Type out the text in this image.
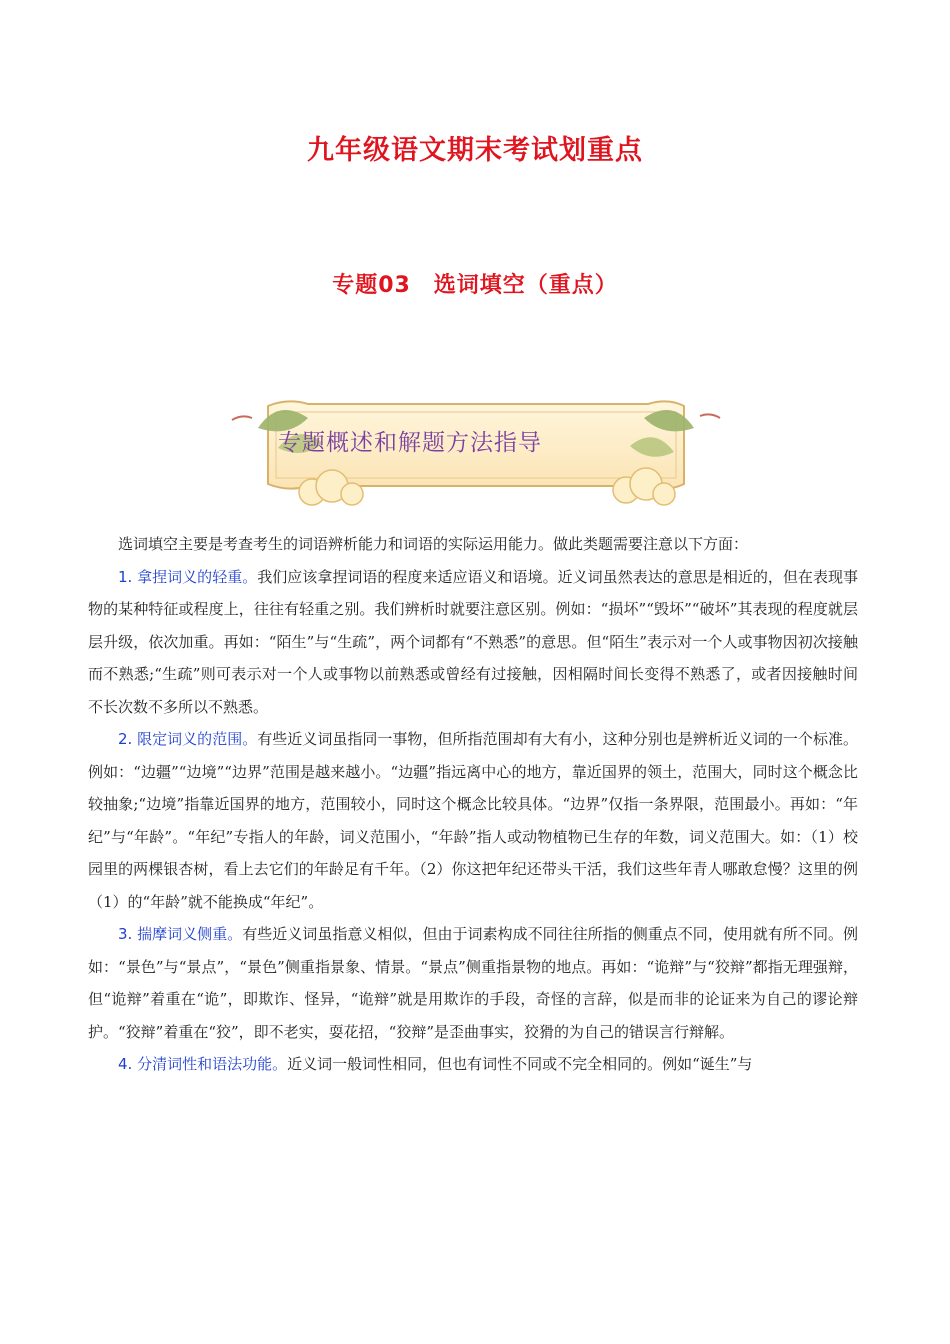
九年级语文期末考试划重点
专题03　选词填空（重点）
专题概述和解题方法指导

选词填空主要是考查考生的词语辨析能力和词语的实际运用能力。做此类题需要注意以下方面：

1. 拿捏词义的轻重。我们应该拿捏词语的程度来适应语义和语境。近义词虽然表达的意思是相近的，但在表现事物的某种特征或程度上，往往有轻重之别。我们辨析时就要注意区别。例如：“损坏”“毁坏”“破坏”其表现的程度就层层升级，依次加重。再如：“陌生”与“生疏”，两个词都有“不熟悉”的意思。但“陌生”表示对一个人或事物因初次接触而不熟悉;“生疏”则可表示对一个人或事物以前熟悉或曾经有过接触，因相隔时间长变得不熟悉了，或者因接触时间不长次数不多所以不熟悉。

2. 限定词义的范围。有些近义词虽指同一事物，但所指范围却有大有小，这种分别也是辨析近义词的一个标准。例如：“边疆”“边境”“边界”范围是越来越小。“边疆”指远离中心的地方，靠近国界的领土，范围大，同时这个概念比较抽象;“边境”指靠近国界的地方，范围较小，同时这个概念比较具体。“边界”仅指一条界限，范围最小。再如：“年纪”与“年龄”。“年纪”专指人的年龄，词义范围小，“年龄”指人或动物植物已生存的年数，词义范围大。如：（1）校园里的两棵银杏树，看上去它们的年龄足有千年。（2）你这把年纪还带头干活，我们这些年青人哪敢怠慢？这里的例（1）的“年龄”就不能换成“年纪”。

3. 揣摩词义侧重。有些近义词虽指意义相似，但由于词素构成不同往往所指的侧重点不同，使用就有所不同。例如：“景色”与“景点”，“景色”侧重指景象、情景。“景点”侧重指景物的地点。再如：“诡辩”与“狡辩”都指无理强辩，但“诡辩”着重在“诡”，即欺诈、怪异，“诡辩”就是用欺诈的手段，奇怪的言辞，似是而非的论证来为自己的谬论辩护。“狡辩”着重在“狡”，即不老实，耍花招，“狡辩”是歪曲事实，狡猾的为自己的错误言行辩解。

4. 分清词性和语法功能。近义词一般词性相同，但也有词性不同或不完全相同的。例如“诞生”与
